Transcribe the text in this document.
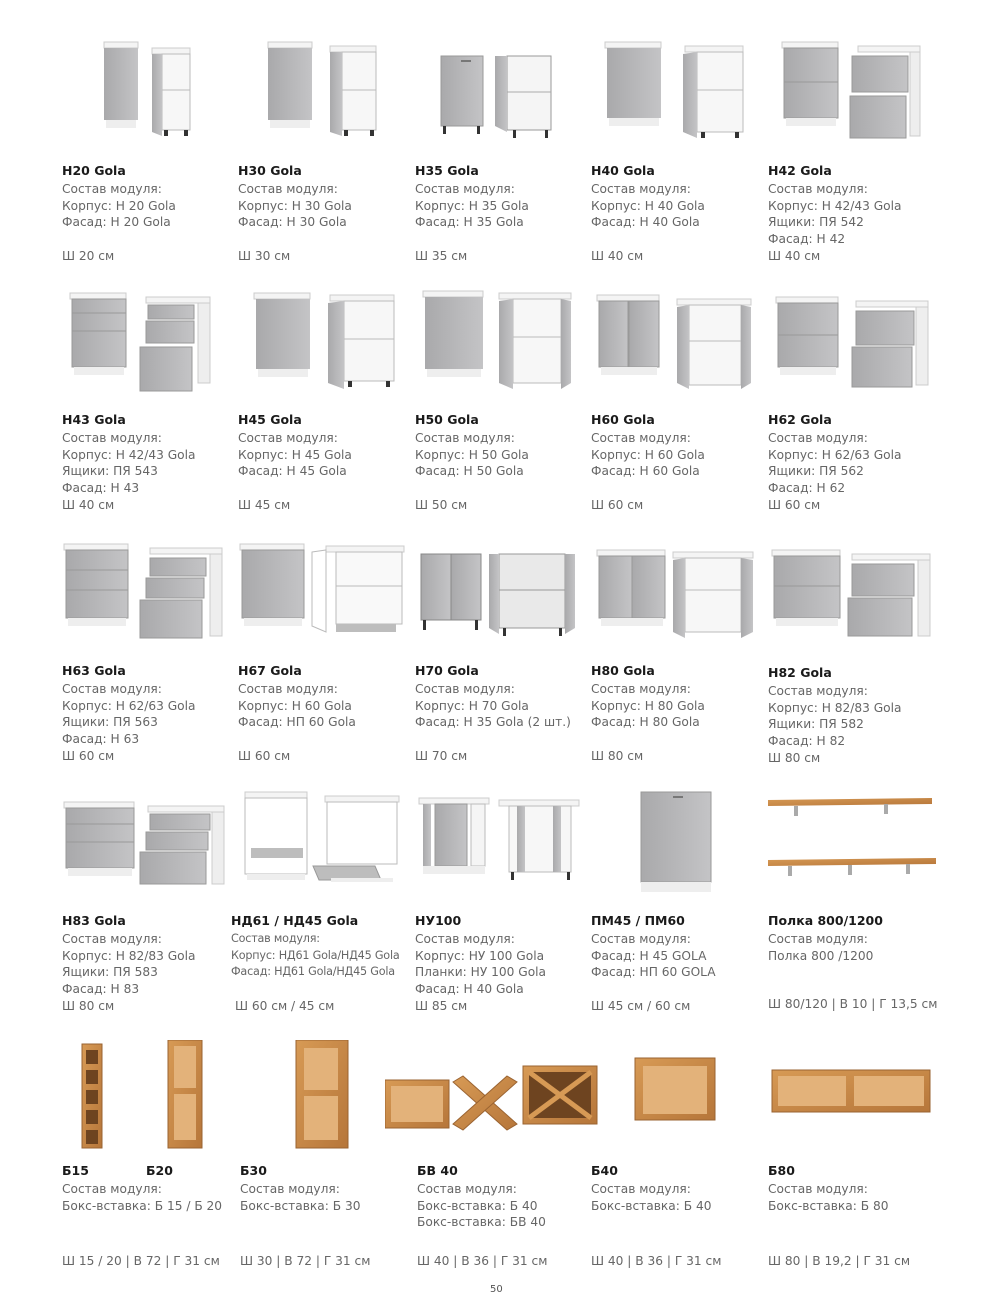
Н20 Gola
Состав модуля:
Корпус: Н 20 Gola
Фасад: Н 20 Gola
Ш 20 см
Н30 Gola
Состав модуля:
Корпус: Н 30 Gola
Фасад: Н 30 Gola
Ш 30 см
Н35 Gola
Состав модуля:
Корпус: Н 35 Gola
Фасад: Н 35 Gola
Ш 35 см
Н40 Gola
Состав модуля:
Корпус: Н 40 Gola
Фасад: Н 40 Gola
Ш 40 см
Н42 Gola
Состав модуля:
Корпус: Н 42/43 Gola
Ящики: ПЯ 542
Фасад: Н 42
Ш 40 см
Н43 Gola
Состав модуля:
Корпус: Н 42/43 Gola
Ящики: ПЯ 543
Фасад: Н 43
Ш 40 см
Н45 Gola
Состав модуля:
Корпус: Н 45 Gola
Фасад: Н 45 Gola
Ш 45 см
Н50 Gola
Состав модуля:
Корпус: Н 50 Gola
Фасад: Н 50 Gola
Ш 50 см
Н60 Gola
Состав модуля:
Корпус: Н 60 Gola
Фасад: Н 60 Gola
Ш 60 см
Н62 Gola
Состав модуля:
Корпус: Н 62/63 Gola
Ящики: ПЯ 562
Фасад: Н 62
Ш 60 см
Н63 Gola
Состав модуля:
Корпус: Н 62/63 Gola
Ящики: ПЯ 563
Фасад: Н 63
Ш 60 см
Н67 Gola
Состав модуля:
Корпус: Н 60 Gola
Фасад: НП 60 Gola
Ш 60 см
Н70 Gola
Состав модуля:
Корпус: Н 70 Gola
Фасад: Н 35 Gola (2 шт.)
Ш 70 см
Н80 Gola
Состав модуля:
Корпус: Н 80 Gola
Фасад: Н 80 Gola
Ш 80 см
Н82 Gola
Состав модуля:
Корпус: Н 82/83 Gola
Ящики: ПЯ 582
Фасад: Н 82
Ш 80 см
Н83 Gola
Состав модуля:
Корпус: Н 82/83 Gola
Ящики: ПЯ 583
Фасад: Н 83
Ш 80 см
НД61 / НД45 Gola
Состав модуля:
Корпус: НД61 Gola/НД45 Gola
Фасад: НД61 Gola/НД45 Gola
Ш 60 см / 45 см
НУ100
Состав модуля:
Корпус: НУ 100 Gola
Планки: НУ 100 Gola
Фасад: Н 40 Gola
Ш 85 см
ПМ45 / ПМ60
Состав модуля:
Фасад: Н 45 GOLA
Фасад: НП 60 GOLA
Ш 45 см / 60 см
Полка 800/1200
Состав модуля:
Полка 800 /1200
Ш 80/120 | В 10 | Г 13,5 см
Б15	Б20
Состав модуля:
Бокс-вставка: Б 15 / Б 20
Ш 15 / 20 | В 72 | Г 31 см
Б30
Состав модуля:
Бокс-вставка: Б 30
Ш 30 | В 72 | Г 31 см
БВ 40
Состав модуля:
Бокс-вставка: Б 40
Бокс-вставка: БВ 40
Ш 40 | В 36 | Г 31 см
Б40
Состав модуля:
Бокс-вставка: Б 40
Ш 40 | В 36 | Г 31 см
Б80
Состав модуля:
Бокс-вставка: Б 80
Ш 80 | В 19,2 | Г 31 см
50
